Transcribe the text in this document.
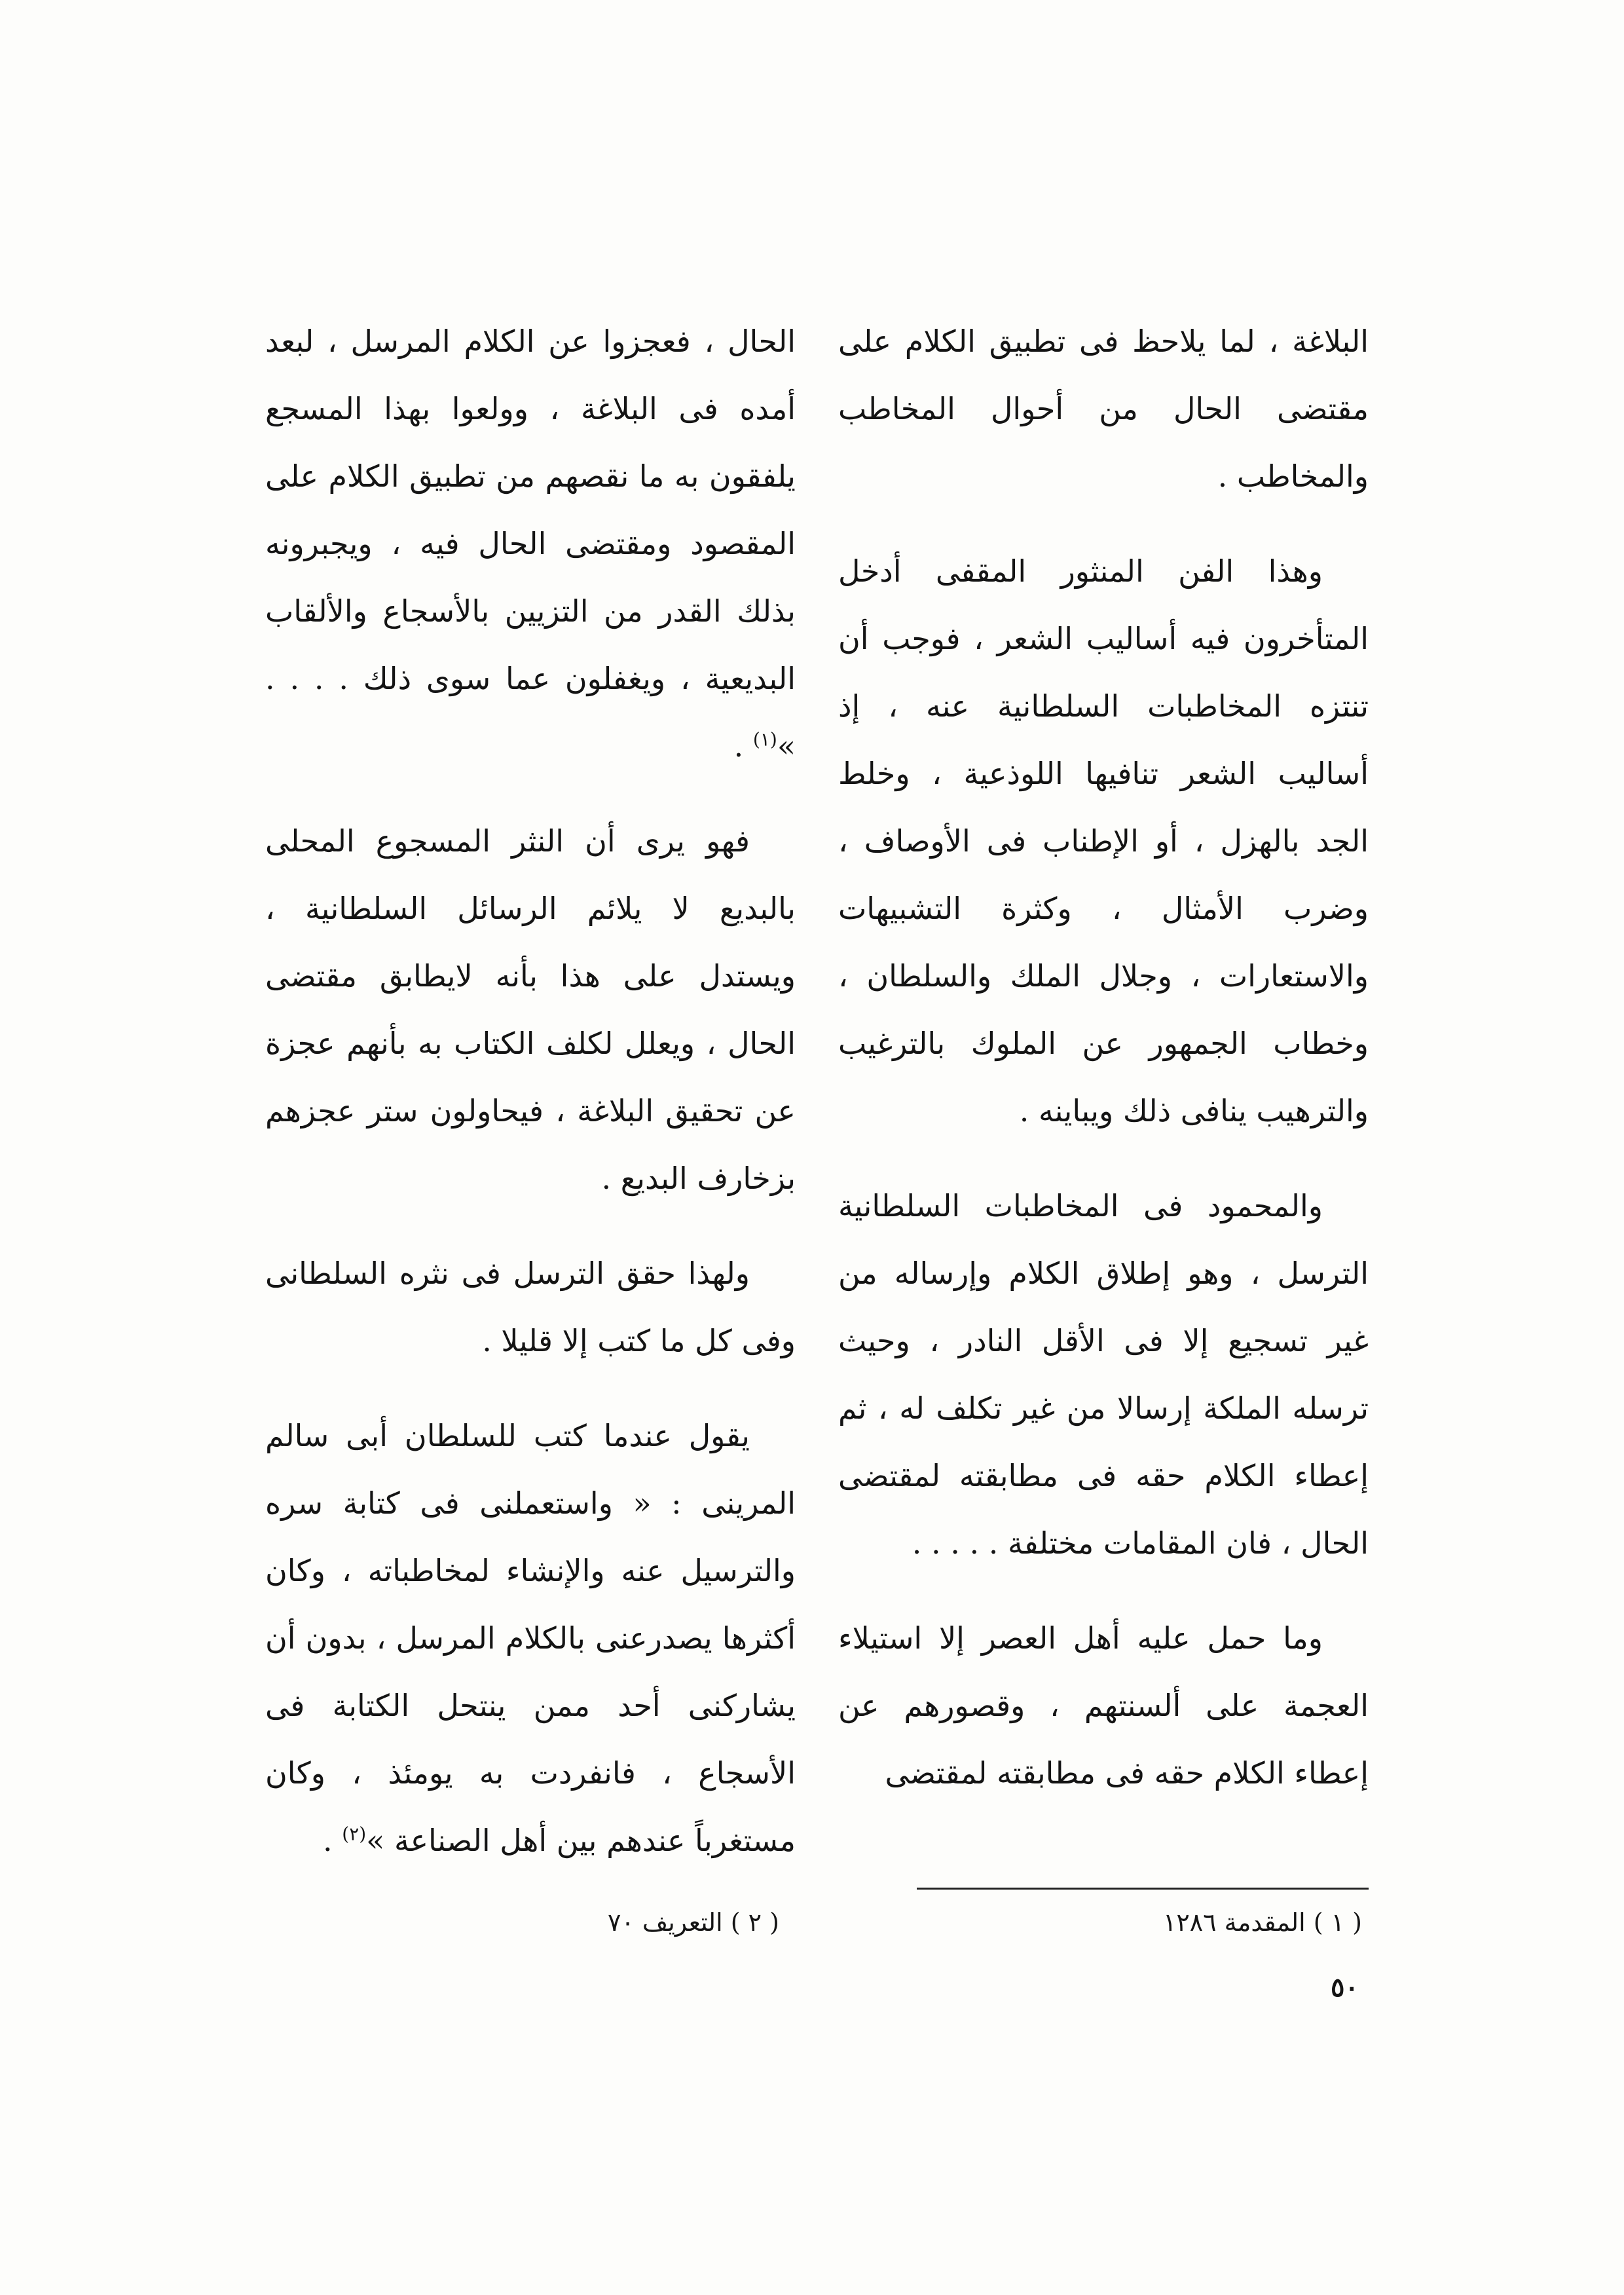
البلاغة ، لما يلاحظ فى تطبيق الكلام على مقتضى الحال من أحوال المخاطب والمخاطب .

وهذا الفن المنثور المقفى أدخل المتأخرون فيه أساليب الشعر ، فوجب أن تنتزه المخاطبات السلطانية عنه ، إذ أساليب الشعر تنافيها اللوذعية ، وخلط الجد بالهزل ، أو الإطناب فى الأوصاف ، وضرب الأمثال ، وكثرة التشبيهات والاستعارات ، وجلال الملك والسلطان ، وخطاب الجمهور عن الملوك بالترغيب والترهيب ينافى ذلك ويباينه .

والمحمود فى المخاطبات السلطانية الترسل ، وهو إطلاق الكلام وإرساله من غير تسجيع إلا فى الأقل النادر ، وحيث ترسله الملكة إرسالا من غير تكلف له ، ثم إعطاء الكلام حقه فى مطابقته لمقتضى الحال ، فان المقامات مختلفة . . . . .

وما حمل عليه أهل العصر إلا استيلاء العجمة على ألسنتهم ، وقصورهم عن إعطاء الكلام حقه فى مطابقته لمقتضى

الحال ، فعجزوا عن الكلام المرسل ، لبعد أمده فى البلاغة ، وولعوا بهذا المسجع يلفقون به ما نقصهم من تطبيق الكلام على المقصود ومقتضى الحال فيه ، ويجبرونه بذلك القدر من التزيين بالأسجاع والألقاب البديعية ، ويغفلون عما سوى ذلك . . . . »$^{(١)}$ .

فهو يرى أن النثر المسجوع المحلى بالبديع لا يلائم الرسائل السلطانية ، ويستدل على هذا بأنه لايطابق مقتضى الحال ، ويعلل لكلف الكتاب به بأنهم عجزة عن تحقيق البلاغة ، فيحاولون ستر عجزهم بزخارف البديع .

ولهذا حقق الترسل فى نثره السلطانى وفى كل ما كتب إلا قليلا .

يقول عندما كتب للسلطان أبى سالم المرينى : « واستعملنى فى كتابة سره والترسيل عنه والإنشاء لمخاطباته ، وكان أكثرها يصدرعنى بالكلام المرسل ، بدون أن يشاركنى أحد ممن ينتحل الكتابة فى الأسجاع ، فانفردت به يومئذ ، وكان مستغرباً عندهم بين أهل الصناعة »$^{(٢)}$ .

( ١ ) المقدمة ١٢٨٦
( ٢ ) التعريف ٧٠
٥٠
